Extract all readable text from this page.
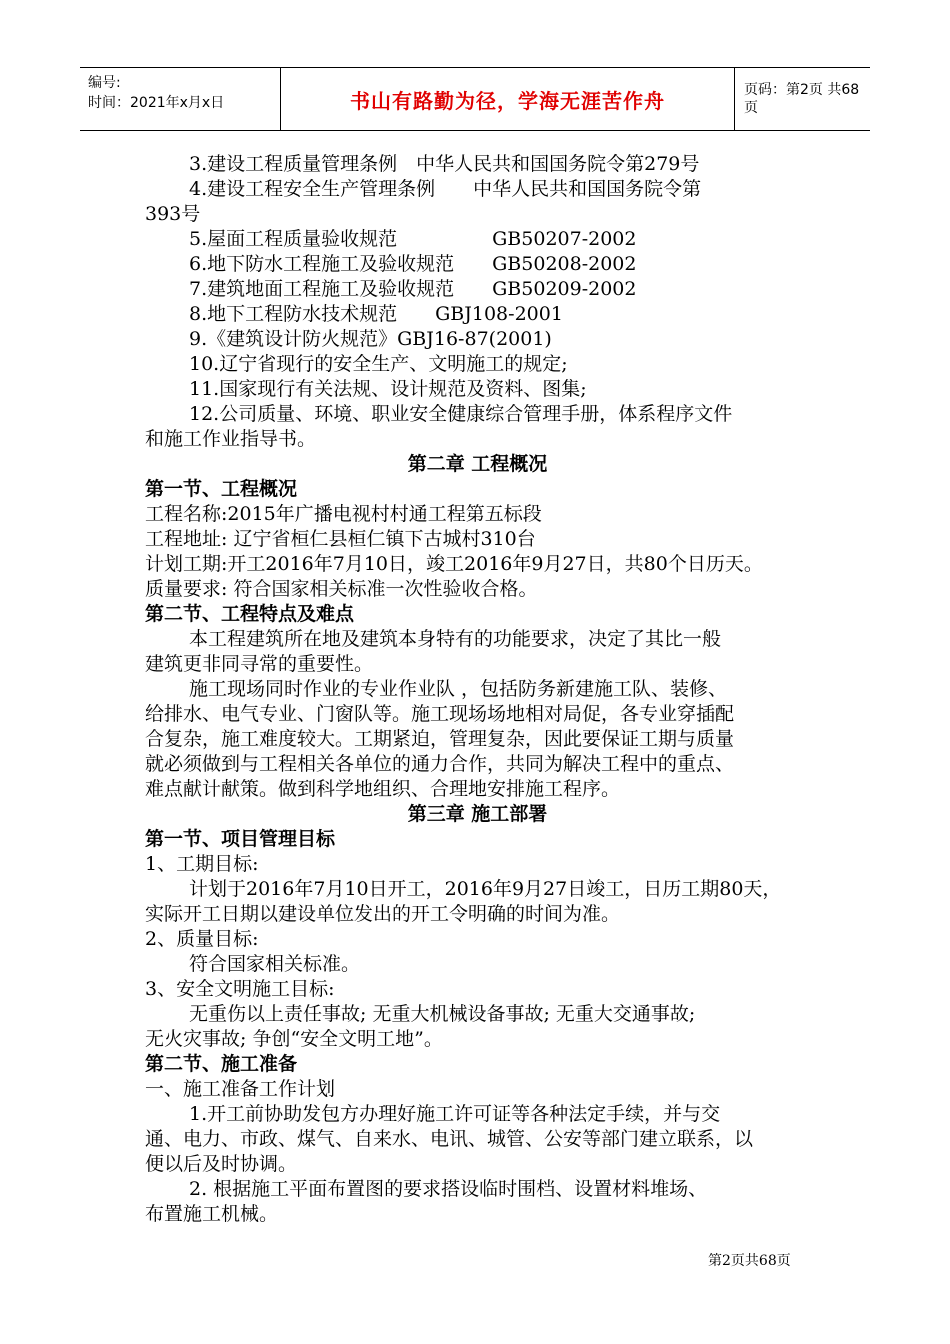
编号:
时间：2021年x月x日	书山有路勤为径，学海无涯苦作舟	页码：第2页 共68页
3.建设工程质量管理条例　中华人民共和国国务院令第279号
4.建设工程安全生产管理条例　　中华人民共和国国务院令第
393号
5.屋面工程质量验收规范　　　　　GB50207-2002
6.地下防水工程施工及验收规范　　GB50208-2002
7.建筑地面工程施工及验收规范　　GB50209-2002
8.地下工程防水技术规范　　GBJ108-2001
9.《建筑设计防火规范》GBJ16-87(2001)
10.辽宁省现行的安全生产、文明施工的规定;
11.国家现行有关法规、设计规范及资料、图集;
12.公司质量、环境、职业安全健康综合管理手册，体系程序文件
和施工作业指导书。
第二章 工程概况
第一节、工程概况
工程名称:2015年广播电视村村通工程第五标段
工程地址: 辽宁省桓仁县桓仁镇下古城村310台
计划工期:开工2016年7月10日，竣工2016年9月27日，共80个日历天。
质量要求: 符合国家相关标准一次性验收合格。
第二节、工程特点及难点
本工程建筑所在地及建筑本身特有的功能要求，决定了其比一般
建筑更非同寻常的重要性。
施工现场同时作业的专业作业队 ，包括防务新建施工队、装修、
给排水、电气专业、门窗队等。施工现场场地相对局促，各专业穿插配
合复杂，施工难度较大。工期紧迫，管理复杂，因此要保证工期与质量
就必须做到与工程相关各单位的通力合作，共同为解决工程中的重点、
难点献计献策。做到科学地组织、合理地安排施工程序。
第三章 施工部署
第一节、项目管理目标
1、工期目标:
计划于2016年7月10日开工，2016年9月27日竣工，日历工期80天，
实际开工日期以建设单位发出的开工令明确的时间为准。
2、质量目标:
符合国家相关标准。
3、安全文明施工目标:
无重伤以上责任事故; 无重大机械设备事故; 无重大交通事故;
无火灾事故; 争创“安全文明工地”。
第二节、施工准备
一、施工准备工作计划
1.开工前协助发包方办理好施工许可证等各种法定手续，并与交
通、电力、市政、煤气、自来水、电讯、城管、公安等部门建立联系，以
便以后及时协调。
2. 根据施工平面布置图的要求搭设临时围档、设置材料堆场、
布置施工机械。
第2页共68页
